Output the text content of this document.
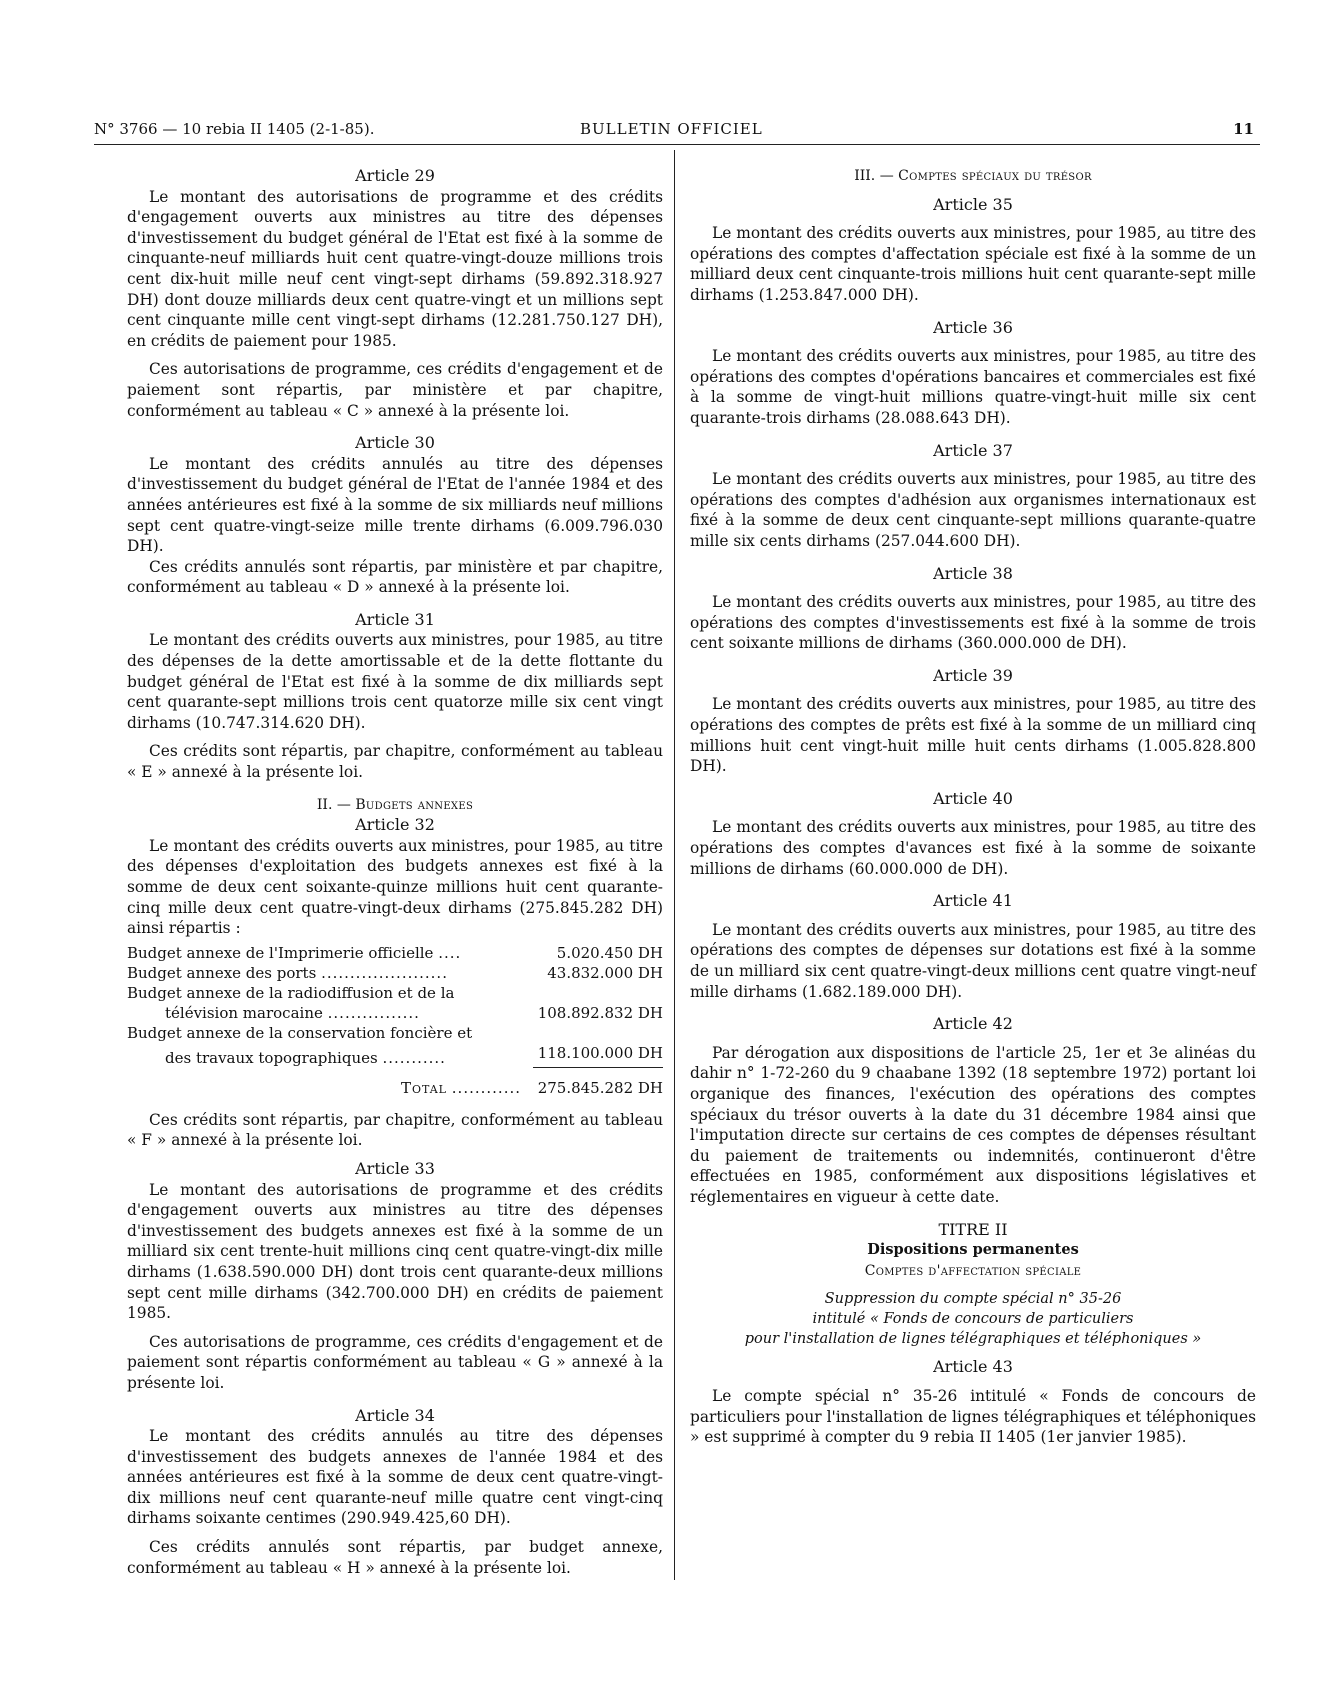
N° 3766 — 10 rebia II 1405 (2-1-85).	BULLETIN OFFICIEL	11
Article 29

Le montant des autorisations de programme et des crédits d'engagement ouverts aux ministres au titre des dépenses d'investissement du budget général de l'Etat est fixé à la somme de cinquante-neuf milliards huit cent quatre-vingt-douze millions trois cent dix-huit mille neuf cent vingt-sept dirhams (59.892.318.927 DH) dont douze milliards deux cent quatre-vingt et un millions sept cent cinquante mille cent vingt-sept dirhams (12.281.750.127 DH), en crédits de paiement pour 1985.

Ces autorisations de programme, ces crédits d'engagement et de paiement sont répartis, par ministère et par chapitre, conformément au tableau « C » annexé à la présente loi.

Article 30

Le montant des crédits annulés au titre des dépenses d'investissement du budget général de l'Etat de l'année 1984 et des années antérieures est fixé à la somme de six milliards neuf millions sept cent quatre-vingt-seize mille trente dirhams (6.009.796.030 DH).

Ces crédits annulés sont répartis, par ministère et par chapitre, conformément au tableau « D » annexé à la présente loi.

Article 31

Le montant des crédits ouverts aux ministres, pour 1985, au titre des dépenses de la dette amortissable et de la dette flottante du budget général de l'Etat est fixé à la somme de dix milliards sept cent quarante-sept millions trois cent quatorze mille six cent vingt dirhams (10.747.314.620 DH).

Ces crédits sont répartis, par chapitre, conformément au tableau « E » annexé à la présente loi.

II. — Budgets annexes
Article 32

Le montant des crédits ouverts aux ministres, pour 1985, au titre des dépenses d'exploitation des budgets annexes est fixé à la somme de deux cent soixante-quinze millions huit cent quarante-cinq mille deux cent quatre-vingt-deux dirhams (275.845.282 DH) ainsi répartis :

Budget annexe de l'Imprimerie officielle ....	5.020.450 DH
Budget annexe des ports ......................	43.832.000 DH
Budget annexe de la radiodiffusion et de la	
télévision marocaine ................	108.892.832 DH
Budget annexe de la conservation foncière et	
des travaux topographiques ...........	118.100.000 DH

Total ............	275.845.282 DH

Ces crédits sont répartis, par chapitre, conformément au tableau « F » annexé à la présente loi.

Article 33

Le montant des autorisations de programme et des crédits d'engagement ouverts aux ministres au titre des dépenses d'investissement des budgets annexes est fixé à la somme de un milliard six cent trente-huit millions cinq cent quatre-vingt-dix mille dirhams (1.638.590.000 DH) dont trois cent quarante-deux millions sept cent mille dirhams (342.700.000 DH) en crédits de paiement 1985.

Ces autorisations de programme, ces crédits d'engagement et de paiement sont répartis conformément au tableau « G » annexé à la présente loi.

Article 34

Le montant des crédits annulés au titre des dépenses d'investissement des budgets annexes de l'année 1984 et des années antérieures est fixé à la somme de deux cent quatre-vingt-dix millions neuf cent quarante-neuf mille quatre cent vingt-cinq dirhams soixante centimes (290.949.425,60 DH).

Ces crédits annulés sont répartis, par budget annexe, conformément au tableau « H » annexé à la présente loi.

III. — Comptes spéciaux du trésor
Article 35

Le montant des crédits ouverts aux ministres, pour 1985, au titre des opérations des comptes d'affectation spéciale est fixé à la somme de un milliard deux cent cinquante-trois millions huit cent quarante-sept mille dirhams (1.253.847.000 DH).

Article 36

Le montant des crédits ouverts aux ministres, pour 1985, au titre des opérations des comptes d'opérations bancaires et commerciales est fixé à la somme de vingt-huit millions quatre-vingt-huit mille six cent quarante-trois dirhams (28.088.643 DH).

Article 37

Le montant des crédits ouverts aux ministres, pour 1985, au titre des opérations des comptes d'adhésion aux organismes internationaux est fixé à la somme de deux cent cinquante-sept millions quarante-quatre mille six cents dirhams (257.044.600 DH).

Article 38

Le montant des crédits ouverts aux ministres, pour 1985, au titre des opérations des comptes d'investissements est fixé à la somme de trois cent soixante millions de dirhams (360.000.000 de DH).

Article 39

Le montant des crédits ouverts aux ministres, pour 1985, au titre des opérations des comptes de prêts est fixé à la somme de un milliard cinq millions huit cent vingt-huit mille huit cents dirhams (1.005.828.800 DH).

Article 40

Le montant des crédits ouverts aux ministres, pour 1985, au titre des opérations des comptes d'avances est fixé à la somme de soixante millions de dirhams (60.000.000 de DH).

Article 41

Le montant des crédits ouverts aux ministres, pour 1985, au titre des opérations des comptes de dépenses sur dotations est fixé à la somme de un milliard six cent quatre-vingt-deux millions cent quatre vingt-neuf mille dirhams (1.682.189.000 DH).

Article 42

Par dérogation aux dispositions de l'article 25, 1er et 3e alinéas du dahir n° 1-72-260 du 9 chaabane 1392 (18 septembre 1972) portant loi organique des finances, l'exécution des opérations des comptes spéciaux du trésor ouverts à la date du 31 décembre 1984 ainsi que l'imputation directe sur certains de ces comptes de dépenses résultant du paiement de traitements ou indemnités, continueront d'être effectuées en 1985, conformément aux dispositions législatives et réglementaires en vigueur à cette date.

TITRE II
Dispositions permanentes
Comptes d'affectation spéciale
Suppression du compte spécial n° 35-26
intitulé « Fonds de concours de particuliers
pour l'installation de lignes télégraphiques et téléphoniques »
Article 43

Le compte spécial n° 35-26 intitulé « Fonds de concours de particuliers pour l'installation de lignes télégraphiques et téléphoniques » est supprimé à compter du 9 rebia II 1405 (1er janvier 1985).
